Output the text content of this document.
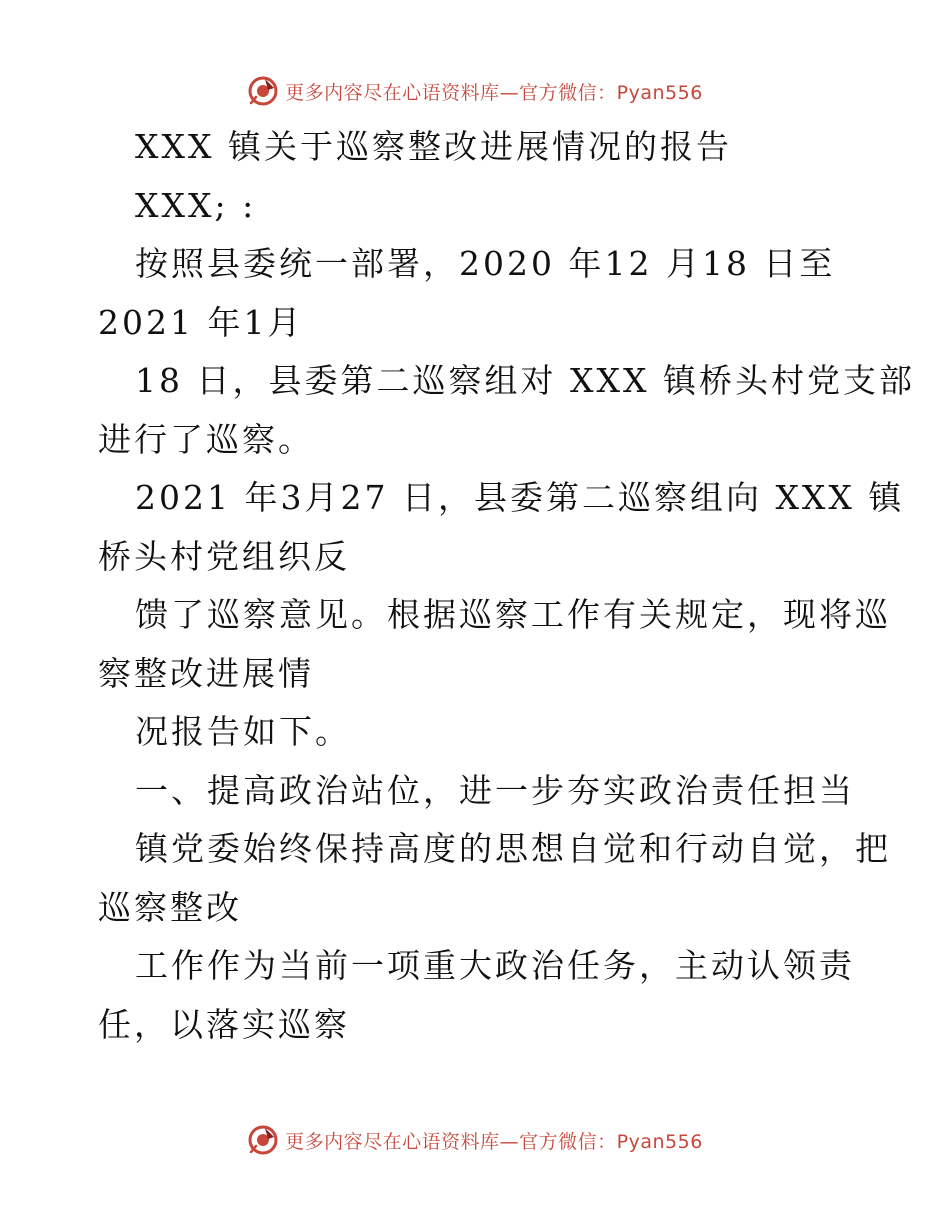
更多内容尽在心语资料库—官方微信：Pyan556
XXX 镇关于巡察整改进展情况的报告
XXX; :
按照县委统一部署，2020 年12 月18 日至
2021 年1月
18 日，县委第二巡察组对 XXX 镇桥头村党支部
进行了巡察。
2021 年3月27 日，县委第二巡察组向 XXX 镇
桥头村党组织反
馈了巡察意见。根据巡察工作有关规定，现将巡
察整改进展情
况报告如下。
一、提高政治站位，进一步夯实政治责任担当
镇党委始终保持高度的思想自觉和行动自觉，把
巡察整改
工作作为当前一项重大政治任务，主动认领责
任，以落实巡察
更多内容尽在心语资料库—官方微信：Pyan556
